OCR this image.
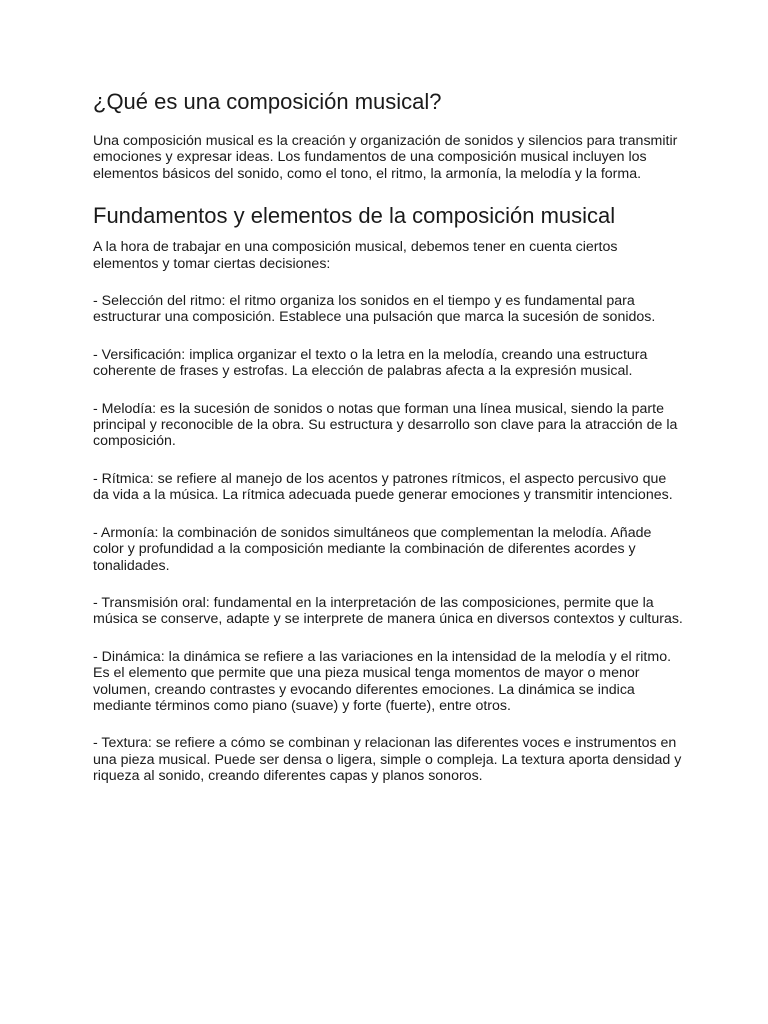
¿Qué es una composición musical?

Una composición musical es la creación y organización de sonidos y silencios para transmitir emociones y expresar ideas. Los fundamentos de una composición musical incluyen los elementos básicos del sonido, como el tono, el ritmo, la armonía, la melodía y la forma.

Fundamentos y elementos de la composición musical

A la hora de trabajar en una composición musical, debemos tener en cuenta ciertos elementos y tomar ciertas decisiones:

- Selección del ritmo: el ritmo organiza los sonidos en el tiempo y es fundamental para estructurar una composición. Establece una pulsación que marca la sucesión de sonidos.

- Versificación: implica organizar el texto o la letra en la melodía, creando una estructura coherente de frases y estrofas. La elección de palabras afecta a la expresión musical.

- Melodía: es la sucesión de sonidos o notas que forman una línea musical, siendo la parte principal y reconocible de la obra. Su estructura y desarrollo son clave para la atracción de la composición.

- Rítmica: se refiere al manejo de los acentos y patrones rítmicos, el aspecto percusivo que da vida a la música. La rítmica adecuada puede generar emociones y transmitir intenciones.

- Armonía: la combinación de sonidos simultáneos que complementan la melodía. Añade color y profundidad a la composición mediante la combinación de diferentes acordes y tonalidades.

- Transmisión oral: fundamental en la interpretación de las composiciones, permite que la música se conserve, adapte y se interprete de manera única en diversos contextos y culturas.

- Dinámica: la dinámica se refiere a las variaciones en la intensidad de la melodía y el ritmo. Es el elemento que permite que una pieza musical tenga momentos de mayor o menor volumen, creando contrastes y evocando diferentes emociones. La dinámica se indica mediante términos como piano (suave) y forte (fuerte), entre otros.

- Textura: se refiere a cómo se combinan y relacionan las diferentes voces e instrumentos en una pieza musical. Puede ser densa o ligera, simple o compleja. La textura aporta densidad y riqueza al sonido, creando diferentes capas y planos sonoros.
